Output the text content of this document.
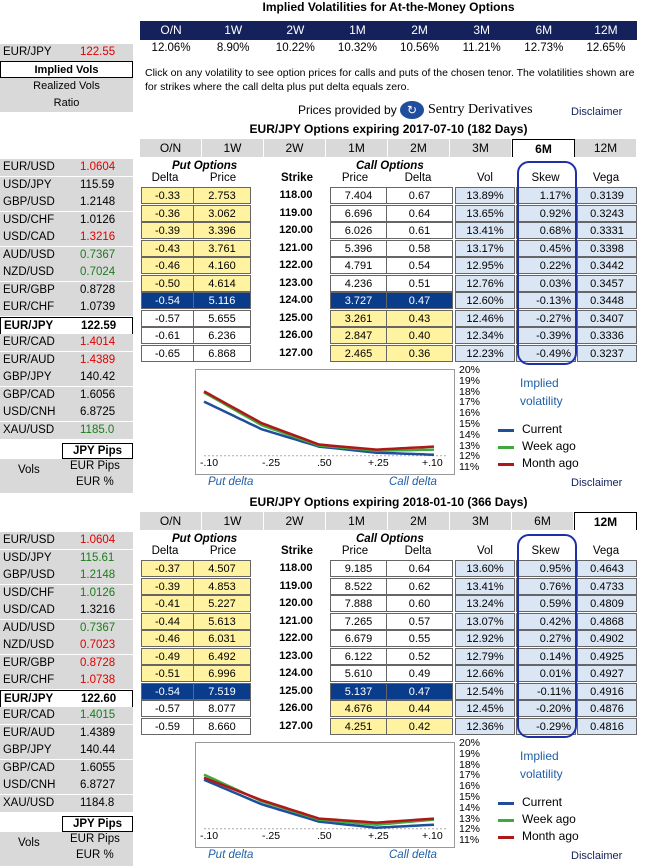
Implied Volatilities for At-the-Money Options
O/N	1W	2W	1M	2M	3M	6M	12M
12.06%	8.90%	10.22%	10.32%	10.56%	11.21%	12.73%	12.65%
Click on any volatility to see option prices for calls and puts of the chosen tenor. The volatilities shown are for strikes where the call delta plus put delta equals zero.
Prices provided by ↻ Sentry Derivatives	Disclaimer
EUR/JPY 122.55
Implied Vols
Realized Vols
Ratio
EUR/USD 1.0604
USD/JPY 115.59
GBP/USD 1.2148
USD/CHF 1.0126
USD/CAD 1.3216
AUD/USD 0.7367
NZD/USD 0.7024
EUR/GBP 0.8728
EUR/CHF 1.0739
EUR/JPY 122.59
EUR/CAD 1.4014
EUR/AUD 1.4389
GBP/JPY 140.42
GBP/CAD 1.6056
USD/CNH 6.8725
XAU/USD 1185.0
JPY Pips
Vols	EUR Pips
EUR %
EUR/USD 1.0604
USD/JPY 115.61
GBP/USD 1.2148
USD/CHF 1.0126
USD/CAD 1.3216
AUD/USD 0.7367
NZD/USD 0.7023
EUR/GBP 0.8728
EUR/CHF 1.0738
EUR/JPY 122.60
EUR/CAD 1.4015
EUR/AUD 1.4389
GBP/JPY 140.44
GBP/CAD 1.6055
USD/CNH 6.8727
XAU/USD 1184.8
JPY Pips
Vols	EUR Pips
EUR %
EUR/JPY Options expiring 2017-07-10 (182 Days)
O/N	1W	2W	1M	2M	3M	6M	12M
Put Options	Call Options
Delta	Price	Price	Delta	Vol	Skew	Vega
Strike
-0.33	2.753	118.00	7.404	0.67	13.89%	1.17%	0.3139
-0.36	3.062	119.00	6.696	0.64	13.65%	0.92%	0.3243
-0.39	3.396	120.00	6.026	0.61	13.41%	0.68%	0.3331
-0.43	3.761	121.00	5.396	0.58	13.17%	0.45%	0.3398
-0.46	4.160	122.00	4.791	0.54	12.95%	0.22%	0.3442
-0.50	4.614	123.00	4.236	0.51	12.76%	0.03%	0.3457
-0.54	5.116	124.00	3.727	0.47	12.60%	-0.13%	0.3448
-0.57	5.655	125.00	3.261	0.43	12.46%	-0.27%	0.3407
-0.61	6.236	126.00	2.847	0.40	12.34%	-0.39%	0.3336
-0.65	6.868	127.00	2.465	0.36	12.23%	-0.49%	0.3237
-.10	-.25	.50	+.25	+.10
20%
19%
18%
17%
16%
15%
14%
13%
12%
11%
Put delta	Call delta
Implied volatility
Current
Week ago
Month ago
Disclaimer
EUR/JPY Options expiring 2018-01-10 (366 Days)
O/N	1W	2W	1M	2M	3M	6M	12M
Put Options	Call Options
Delta	Price	Price	Delta	Vol	Skew	Vega
Strike
-0.37	4.507	118.00	9.185	0.64	13.60%	0.95%	0.4643
-0.39	4.853	119.00	8.522	0.62	13.41%	0.76%	0.4733
-0.41	5.227	120.00	7.888	0.60	13.24%	0.59%	0.4809
-0.44	5.613	121.00	7.265	0.57	13.07%	0.42%	0.4868
-0.46	6.031	122.00	6.679	0.55	12.92%	0.27%	0.4902
-0.49	6.492	123.00	6.122	0.52	12.79%	0.14%	0.4925
-0.51	6.996	124.00	5.610	0.49	12.66%	0.01%	0.4927
-0.54	7.519	125.00	5.137	0.47	12.54%	-0.11%	0.4916
-0.57	8.077	126.00	4.676	0.44	12.45%	-0.20%	0.4876
-0.59	8.660	127.00	4.251	0.42	12.36%	-0.29%	0.4816
-.10	-.25	.50	+.25	+.10
20%
19%
18%
17%
16%
15%
14%
13%
12%
11%
Put delta	Call delta
Implied volatility
Current
Week ago
Month ago
Disclaimer
